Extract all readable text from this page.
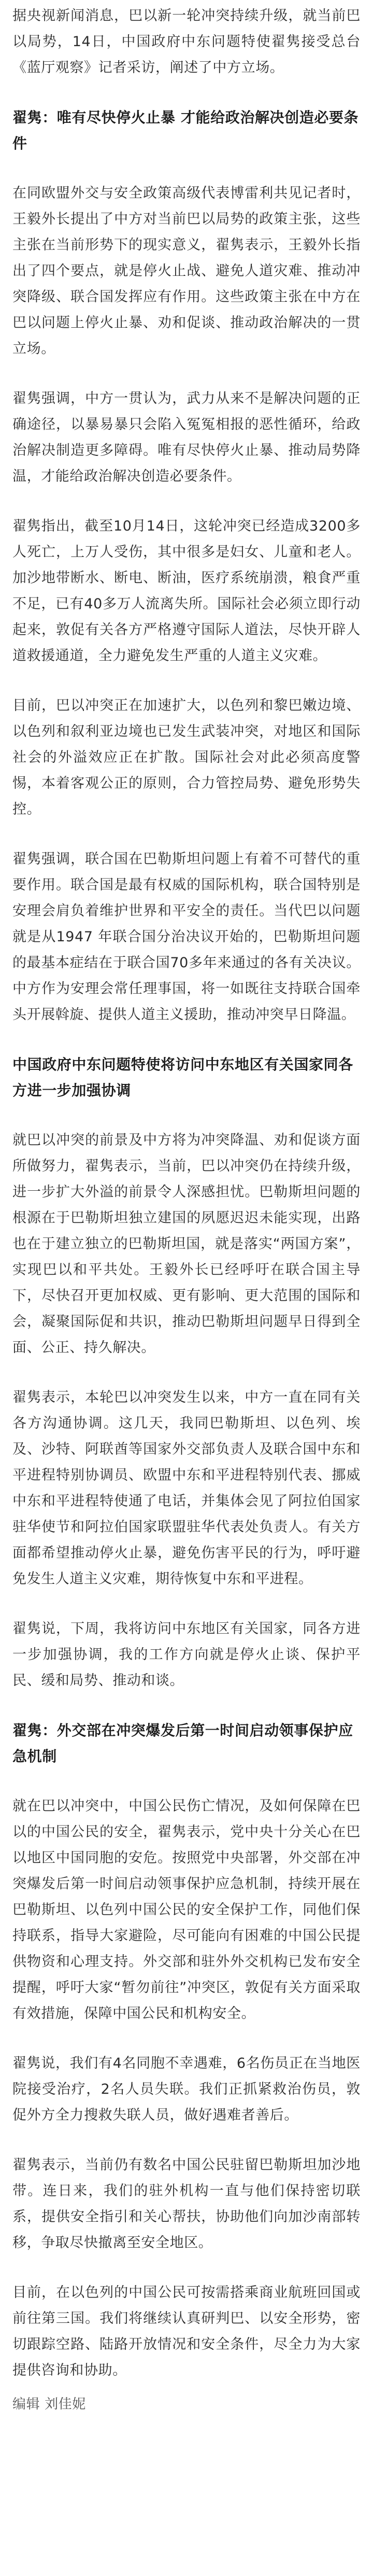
据央视新闻消息，巴以新一轮冲突持续升级，就当前巴以局势，14日，中国政府中东问题特使翟隽接受总台《蓝厅观察》记者采访，阐述了中方立场。

翟隽：唯有尽快停火止暴 才能给政治解决创造必要条件

在同欧盟外交与安全政策高级代表博雷利共见记者时，王毅外长提出了中方对当前巴以局势的政策主张，这些主张在当前形势下的现实意义，翟隽表示，王毅外长指出了四个要点，就是停火止战、避免人道灾难、推动冲突降级、联合国发挥应有作用。这些政策主张在中方在巴以问题上停火止暴、劝和促谈、推动政治解决的一贯立场。

翟隽强调，中方一贯认为，武力从来不是解决问题的正确途径，以暴易暴只会陷入冤冤相报的恶性循环，给政治解决制造更多障碍。唯有尽快停火止暴、推动局势降温，才能给政治解决创造必要条件。

翟隽指出，截至10月14日，这轮冲突已经造成3200多人死亡，上万人受伤，其中很多是妇女、儿童和老人。加沙地带断水、断电、断油，医疗系统崩溃，粮食严重不足，已有40多万人流离失所。国际社会必须立即行动起来，敦促有关各方严格遵守国际人道法，尽快开辟人道救援通道，全力避免发生严重的人道主义灾难。

目前，巴以冲突正在加速扩大，以色列和黎巴嫩边境、以色列和叙利亚边境也已发生武装冲突，对地区和国际社会的外溢效应正在扩散。国际社会对此必须高度警惕，本着客观公正的原则，合力管控局势、避免形势失控。

翟隽强调，联合国在巴勒斯坦问题上有着不可替代的重要作用。联合国是最有权威的国际机构，联合国特别是安理会肩负着维护世界和平安全的责任。当代巴以问题就是从1947 年联合国分治决议开始的，巴勒斯坦问题的最基本症结在于联合国70多年来通过的各有关决议。中方作为安理会常任理事国，将一如既往支持联合国牵头开展斡旋、提供人道主义援助，推动冲突早日降温。

中国政府中东问题特使将访问中东地区有关国家同各方进一步加强协调

就巴以冲突的前景及中方将为冲突降温、劝和促谈方面所做努力，翟隽表示，当前，巴以冲突仍在持续升级，进一步扩大外溢的前景令人深感担忧。巴勒斯坦问题的根源在于巴勒斯坦独立建国的夙愿迟迟未能实现，出路也在于建立独立的巴勒斯坦国，就是落实“两国方案”，实现巴以和平共处。王毅外长已经呼吁在联合国主导下，尽快召开更加权威、更有影响、更大范围的国际和会，凝聚国际促和共识，推动巴勒斯坦问题早日得到全面、公正、持久解决。

翟隽表示，本轮巴以冲突发生以来，中方一直在同有关各方沟通协调。这几天，我同巴勒斯坦、以色列、埃及、沙特、阿联酋等国家外交部负责人及联合国中东和平进程特别协调员、欧盟中东和平进程特别代表、挪威中东和平进程特使通了电话，并集体会见了阿拉伯国家驻华使节和阿拉伯国家联盟驻华代表处负责人。有关方面都希望推动停火止暴，避免伤害平民的行为，呼吁避免发生人道主义灾难，期待恢复中东和平进程。

翟隽说，下周，我将访问中东地区有关国家，同各方进一步加强协调，我的工作方向就是停火止谈、保护平民、缓和局势、推动和谈。

翟隽：外交部在冲突爆发后第一时间启动领事保护应急机制

就在巴以冲突中，中国公民伤亡情况，及如何保障在巴以的中国公民的安全，翟隽表示，党中央十分关心在巴以地区中国同胞的安危。按照党中央部署，外交部在冲突爆发后第一时间启动领事保护应急机制，持续开展在巴勒斯坦、以色列中国公民的安全保护工作，同他们保持联系，指导大家避险，尽可能向有困难的中国公民提供物资和心理支持。外交部和驻外外交机构已发布安全提醒，呼吁大家“暂勿前往”冲突区，敦促有关方面采取有效措施，保障中国公民和机构安全。

翟隽说，我们有4名同胞不幸遇难，6名伤员正在当地医院接受治疗，2名人员失联。我们正抓紧救治伤员，敦促外方全力搜救失联人员，做好遇难者善后。

翟隽表示，当前仍有数名中国公民驻留巴勒斯坦加沙地带。连日来，我们的驻外机构一直与他们保持密切联系，提供安全指引和关心帮扶，协助他们向加沙南部转移，争取尽快撤离至安全地区。

目前，在以色列的中国公民可按需搭乘商业航班回国或前往第三国。我们将继续认真研判巴、以安全形势，密切跟踪空路、陆路开放情况和安全条件，尽全力为大家提供咨询和协助。

编辑 刘佳妮
